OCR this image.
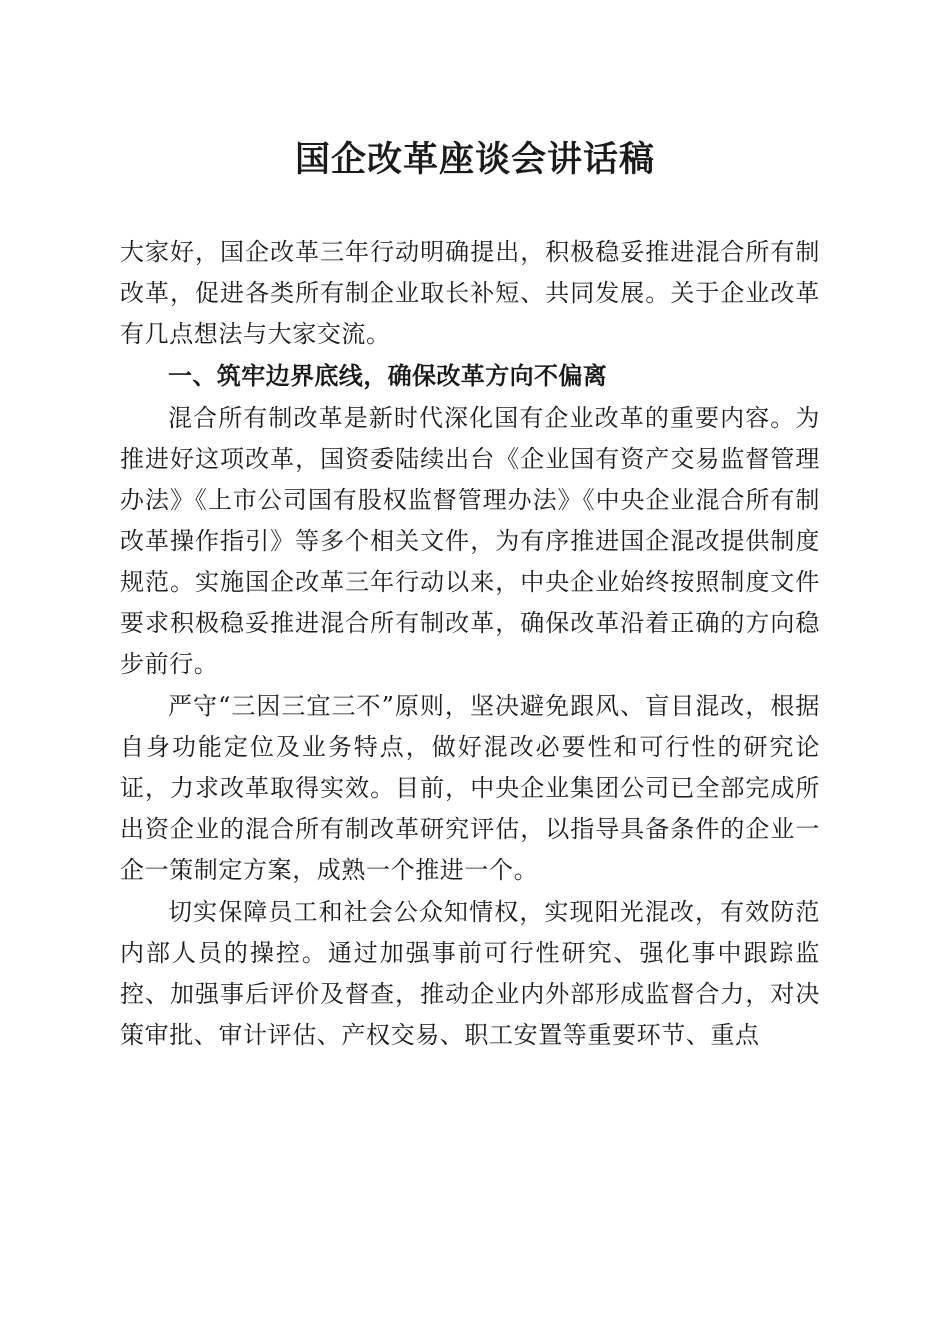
国企改革座谈会讲话稿

大家好，国企改革三年行动明确提出，积极稳妥推进混合所有制改革，促进各类所有制企业取长补短、共同发展。关于企业改革有几点想法与大家交流。

一、筑牢边界底线，确保改革方向不偏离

混合所有制改革是新时代深化国有企业改革的重要内容。为推进好这项改革，国资委陆续出台《企业国有资产交易监督管理办法》《上市公司国有股权监督管理办法》《中央企业混合所有制改革操作指引》等多个相关文件，为有序推进国企混改提供制度规范。实施国企改革三年行动以来，中央企业始终按照制度文件要求积极稳妥推进混合所有制改革，确保改革沿着正确的方向稳步前行。

严守“三因三宜三不”原则，坚决避免跟风、盲目混改，根据自身功能定位及业务特点，做好混改必要性和可行性的研究论证，力求改革取得实效。目前，中央企业集团公司已全部完成所出资企业的混合所有制改革研究评估，以指导具备条件的企业一企一策制定方案，成熟一个推进一个。

切实保障员工和社会公众知情权，实现阳光混改，有效防范内部人员的操控。通过加强事前可行性研究、强化事中跟踪监控、加强事后评价及督查，推动企业内外部形成监督合力，对决策审批、审计评估、产权交易、职工安置等重要环节、重点
